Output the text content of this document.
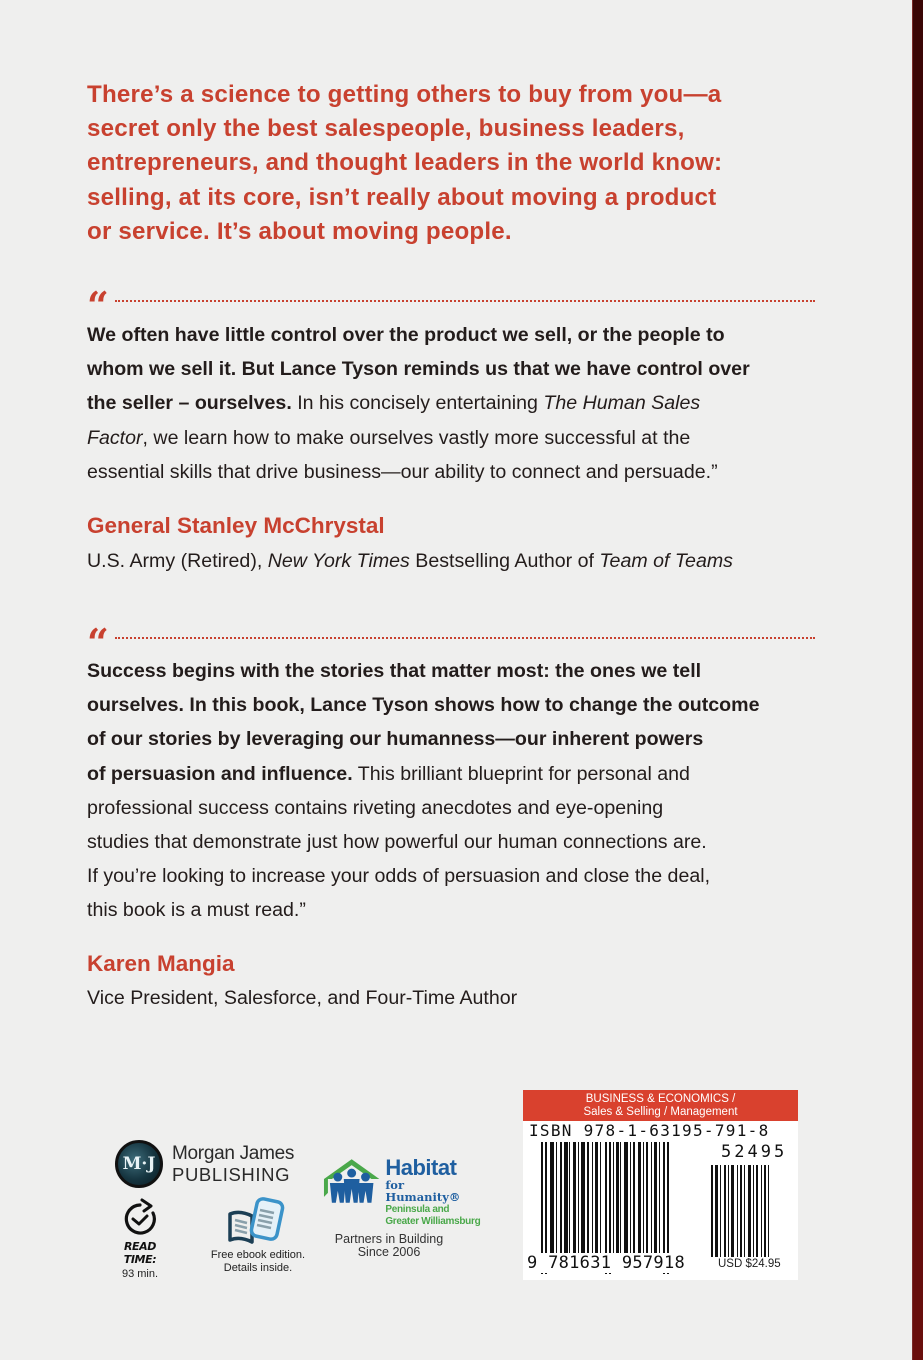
There’s a science to getting others to buy from you—a
secret only the best salespeople, business leaders,
entrepreneurs, and thought leaders in the world know:
selling, at its core, isn’t really about moving a product
or service. It’s about moving people.
“
We often have little control over the product we sell, or the people to
whom we sell it. But Lance Tyson reminds us that we have control over
the seller – ourselves. In his concisely entertaining The Human Sales
Factor, we learn how to make ourselves vastly more successful at the
essential skills that drive business—our ability to connect and persuade.”
General Stanley McChrystal
U.S. Army (Retired), New York Times Bestselling Author of Team of Teams
“
Success begins with the stories that matter most: the ones we tell
ourselves. In this book, Lance Tyson shows how to change the outcome
of our stories by leveraging our humanness—our inherent powers
of persuasion and influence. This brilliant blueprint for personal and
professional success contains riveting anecdotes and eye-opening
studies that demonstrate just how powerful our human connections are.
If you’re looking to increase your odds of persuasion and close the deal,
this book is a must read.”
Karen Mangia
Vice President, Salesforce, and Four-Time Author
M·J Morgan James
PUBLISHING
READ TIME:
93 min.
Free ebook edition.
Details inside.
Habitat
for Humanity®
Peninsula and
Greater Williamsburg
Partners in Building
Since 2006
BUSINESS & ECONOMICS /
Sales & Selling / Management
ISBN 978-1-63195-791-8
52495
9 781631 957918	USD $24.95
